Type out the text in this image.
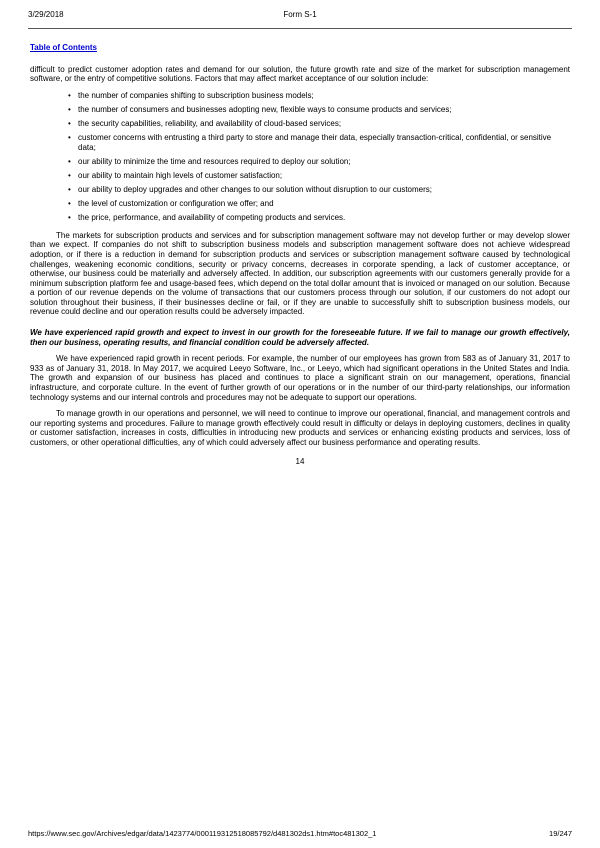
3/29/2018	Form S-1
Table of Contents

difficult to predict customer adoption rates and demand for our solution, the future growth rate and size of the market for subscription management software, or the entry of competitive solutions. Factors that may affect market acceptance of our solution include:

• the number of companies shifting to subscription business models;
• the number of consumers and businesses adopting new, flexible ways to consume products and services;
• the security capabilities, reliability, and availability of cloud-based services;
• customer concerns with entrusting a third party to store and manage their data, especially transaction-critical, confidential, or sensitive data;
• our ability to minimize the time and resources required to deploy our solution;
• our ability to maintain high levels of customer satisfaction;
• our ability to deploy upgrades and other changes to our solution without disruption to our customers;
• the level of customization or configuration we offer; and
• the price, performance, and availability of competing products and services.

The markets for subscription products and services and for subscription management software may not develop further or may develop slower than we expect. If companies do not shift to subscription business models and subscription management software does not achieve widespread adoption, or if there is a reduction in demand for subscription products and services or subscription management software caused by technological challenges, weakening economic conditions, security or privacy concerns, decreases in corporate spending, a lack of customer acceptance, or otherwise, our business could be materially and adversely affected. In addition, our subscription agreements with our customers generally provide for a minimum subscription platform fee and usage-based fees, which depend on the total dollar amount that is invoiced or managed on our solution. Because a portion of our revenue depends on the volume of transactions that our customers process through our solution, if our customers do not adopt our solution throughout their business, if their businesses decline or fail, or if they are unable to successfully shift to subscription business models, our revenue could decline and our operation results could be adversely impacted.

We have experienced rapid growth and expect to invest in our growth for the foreseeable future. If we fail to manage our growth effectively, then our business, operating results, and financial condition could be adversely affected.

We have experienced rapid growth in recent periods. For example, the number of our employees has grown from 583 as of January 31, 2017 to 933 as of January 31, 2018. In May 2017, we acquired Leeyo Software, Inc., or Leeyo, which had significant operations in the United States and India. The growth and expansion of our business has placed and continues to place a significant strain on our management, operations, financial infrastructure, and corporate culture. In the event of further growth of our operations or in the number of our third-party relationships, our information technology systems and our internal controls and procedures may not be adequate to support our operations.

To manage growth in our operations and personnel, we will need to continue to improve our operational, financial, and management controls and our reporting systems and procedures. Failure to manage growth effectively could result in difficulty or delays in deploying customers, declines in quality or customer satisfaction, increases in costs, difficulties in introducing new products and services or enhancing existing products and services, loss of customers, or other operational difficulties, any of which could adversely affect our business performance and operating results.

14
https://www.sec.gov/Archives/edgar/data/1423774/000119312518085792/d481302ds1.htm#toc481302_1	19/247
